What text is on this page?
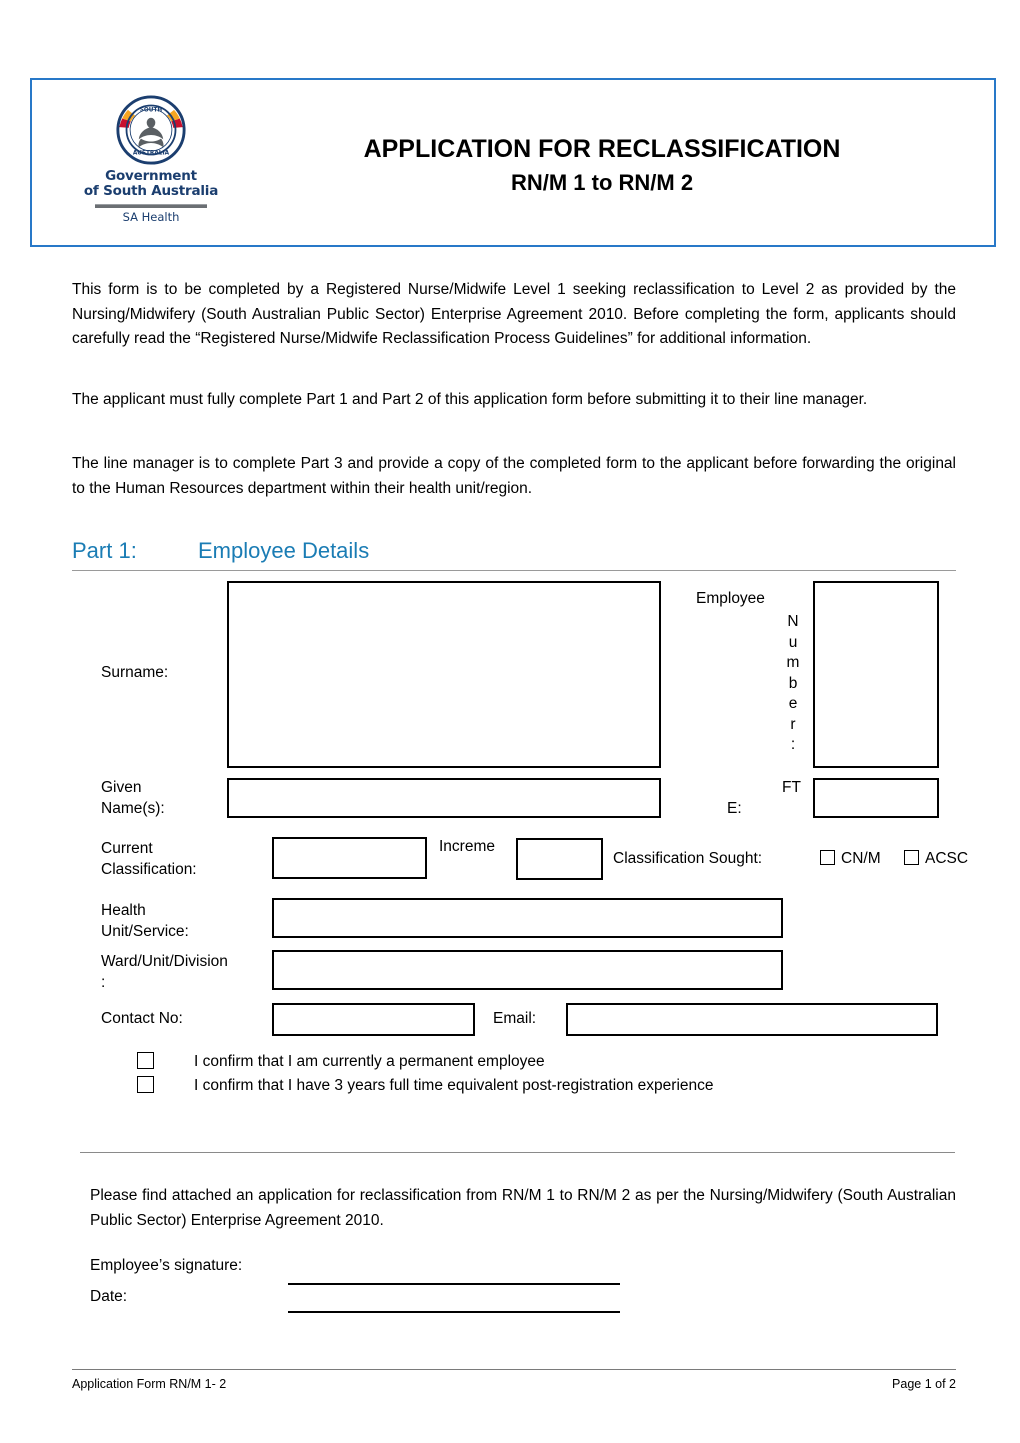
SOUTH
AUSTRALIA
Government
of South Australia
SA Health
APPLICATION FOR RECLASSIFICATION
RN/M 1 to RN/M 2
This form is to be completed by a Registered Nurse/Midwife Level 1 seeking reclassification to Level 2 as provided by the Nursing/Midwifery (South Australian Public Sector) Enterprise Agreement 2010. Before completing the form, applicants should carefully read the “Registered Nurse/Midwife Reclassification Process Guidelines” for additional information.
The applicant must fully complete Part 1 and Part 2 of this application form before submitting it to their line manager.
The line manager is to complete Part 3 and provide a copy of the completed form to the applicant before forwarding the original to the Human Resources department within their health unit/region.
Part 1:	Employee Details
Surname:
Employee
N
u
m
b
e
r
:
Given
Name(s):
FT
E:
Current
Classification:
Increme
Classification Sought:	CN/M	ACSC
Health
Unit/Service:
Ward/Unit/Division
:
Contact No:	Email:
I confirm that I am currently a permanent employee
I confirm that I have 3 years full time equivalent post-registration experience
Please find attached an application for reclassification from RN/M 1 to RN/M 2 as per the Nursing/Midwifery (South Australian Public Sector) Enterprise Agreement 2010.
Employee’s signature:
Date:
Application Form RN/M 1- 2	Page 1 of 2
